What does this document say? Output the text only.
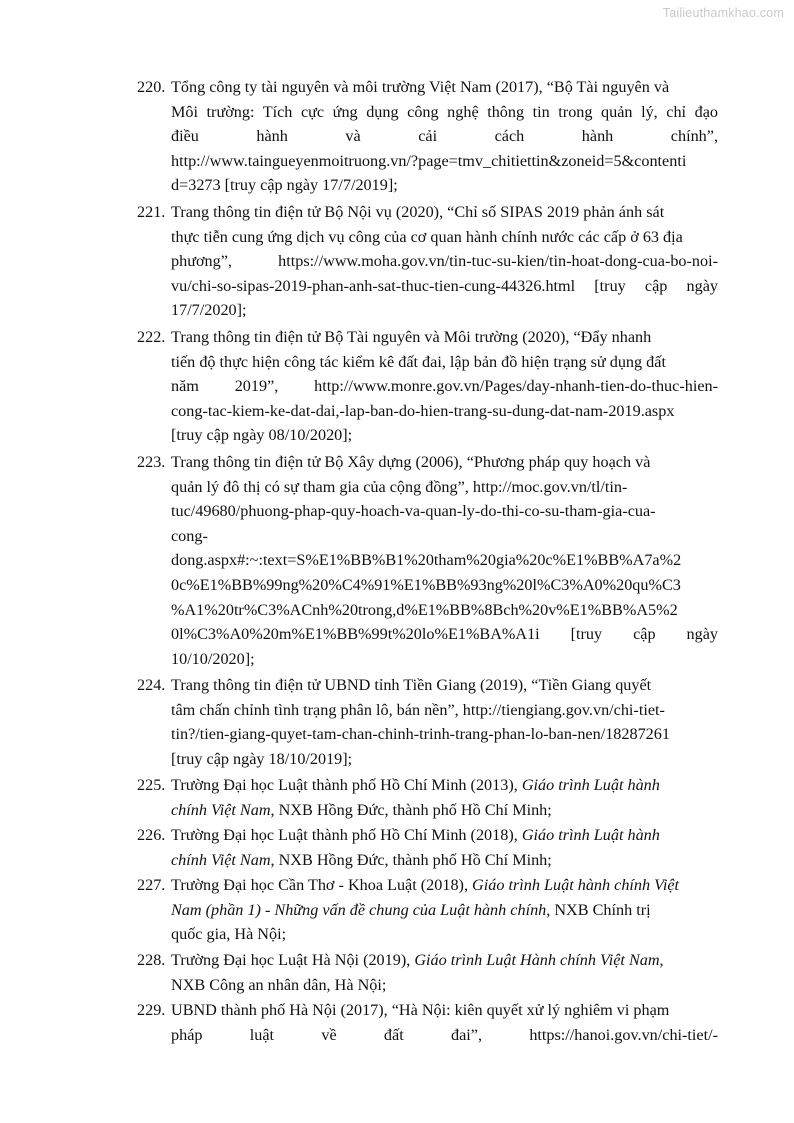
Tailieuthamkhao.com
220. Tổng công ty tài nguyên và môi trường Việt Nam (2017), “Bộ Tài nguyên và
Môi trường: Tích cực ứng dụng công nghệ thông tin trong quản lý, chỉ đạo
điều hành và cải cách hành chính”,
http://www.taingueyenmoitruong.vn/?page=tmv_chitiettin&zoneid=5&contenti
d=3273 [truy cập ngày 17/7/2019];
221. Trang thông tin điện tử Bộ Nội vụ (2020), “Chỉ số SIPAS 2019 phản ánh sát
thực tiễn cung ứng dịch vụ công của cơ quan hành chính nước các cấp ở 63 địa
phương”, https://www.moha.gov.vn/tin-tuc-su-kien/tin-hoat-dong-cua-bo-noi-
vu/chi-so-sipas-2019-phan-anh-sat-thuc-tien-cung-44326.html [truy cập ngày
17/7/2020];
222. Trang thông tin điện tử Bộ Tài nguyên và Môi trường (2020), “Đẩy nhanh
tiến độ thực hiện công tác kiểm kê đất đai, lập bản đồ hiện trạng sử dụng đất
năm 2019”, http://www.monre.gov.vn/Pages/day-nhanh-tien-do-thuc-hien-
cong-tac-kiem-ke-dat-dai,-lap-ban-do-hien-trang-su-dung-dat-nam-2019.aspx
[truy cập ngày 08/10/2020];
223. Trang thông tin điện tử Bộ Xây dựng (2006), “Phương pháp quy hoạch và
quản lý đô thị có sự tham gia của cộng đồng”, http://moc.gov.vn/tl/tin-
tuc/49680/phuong-phap-quy-hoach-va-quan-ly-do-thi-co-su-tham-gia-cua-
cong-
dong.aspx#:~:text=S%E1%BB%B1%20tham%20gia%20c%E1%BB%A7a%2
0c%E1%BB%99ng%20%C4%91%E1%BB%93ng%20l%C3%A0%20qu%C3
%A1%20tr%C3%ACnh%20trong,d%E1%BB%8Bch%20v%E1%BB%A5%2
0l%C3%A0%20m%E1%BB%99t%20lo%E1%BA%A1i [truy cập ngày
10/10/2020];
224. Trang thông tin điện tử UBND tỉnh Tiền Giang (2019), “Tiền Giang quyết
tâm chấn chỉnh tình trạng phân lô, bán nền”, http://tiengiang.gov.vn/chi-tiet-
tin?/tien-giang-quyet-tam-chan-chinh-trinh-trang-phan-lo-ban-nen/18287261
[truy cập ngày 18/10/2019];
225. Trường Đại học Luật thành phố Hồ Chí Minh (2013), Giáo trình Luật hành
chính Việt Nam, NXB Hồng Đức, thành phố Hồ Chí Minh;
226. Trường Đại học Luật thành phố Hồ Chí Minh (2018), Giáo trình Luật hành
chính Việt Nam, NXB Hồng Đức, thành phố Hồ Chí Minh;
227. Trường Đại học Cần Thơ - Khoa Luật (2018), Giáo trình Luật hành chính Việt
Nam (phần 1) - Những vấn đề chung của Luật hành chính, NXB Chính trị
quốc gia, Hà Nội;
228. Trường Đại học Luật Hà Nội (2019), Giáo trình Luật Hành chính Việt Nam,
NXB Công an nhân dân, Hà Nội;
229. UBND thành phố Hà Nội (2017), “Hà Nội: kiên quyết xử lý nghiêm vi phạm
pháp luật về đất đai”, https://hanoi.gov.vn/chi-tiet/-
